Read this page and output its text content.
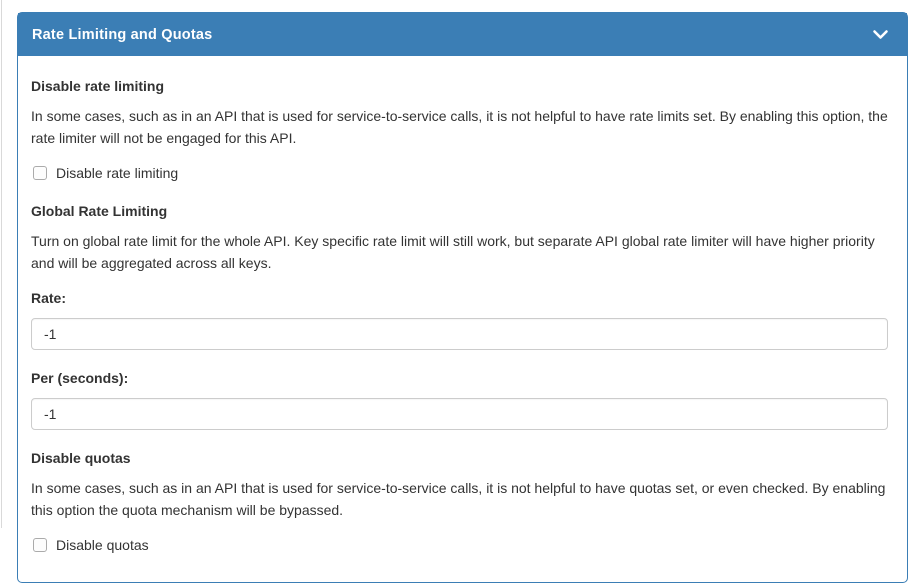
Rate Limiting and Quotas
Disable rate limiting

In some cases, such as in an API that is used for service-to-service calls, it is not helpful to have rate limits set. By enabling this option, the rate limiter will not be engaged for this API.

Disable rate limiting
Global Rate Limiting

Turn on global rate limit for the whole API. Key specific rate limit will still work, but separate API global rate limiter will have higher priority and will be aggregated across all keys.

Rate:
-1
Per (seconds):
-1
Disable quotas

In some cases, such as in an API that is used for service-to-service calls, it is not helpful to have quotas set, or even checked. By enabling this option the quota mechanism will be bypassed.

Disable quotas
